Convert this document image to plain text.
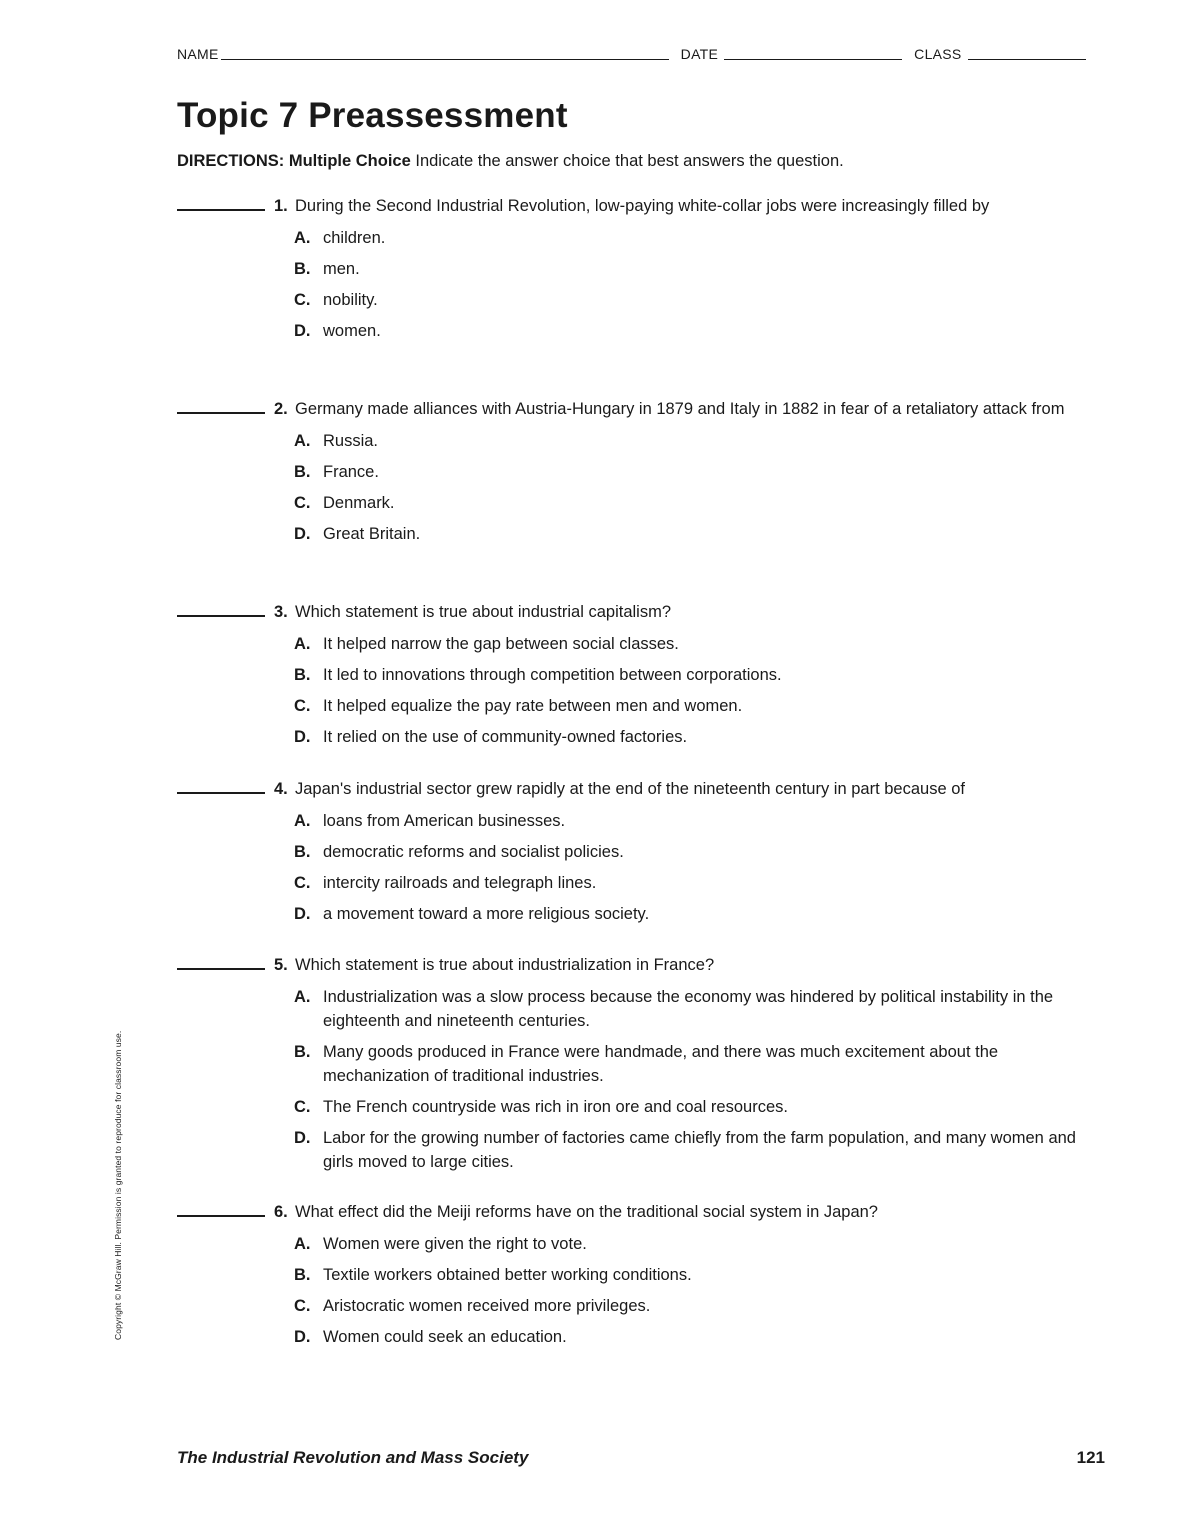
NAME	DATE	CLASS
Topic 7 Preassessment
DIRECTIONS: Multiple Choice Indicate the answer choice that best answers the question.
1. During the Second Industrial Revolution, low-paying white-collar jobs were increasingly filled by
A. children.
B. men.
C. nobility.
D. women.
2. Germany made alliances with Austria-Hungary in 1879 and Italy in 1882 in fear of a retaliatory attack from
A. Russia.
B. France.
C. Denmark.
D. Great Britain.
3. Which statement is true about industrial capitalism?
A. It helped narrow the gap between social classes.
B. It led to innovations through competition between corporations.
C. It helped equalize the pay rate between men and women.
D. It relied on the use of community-owned factories.
4. Japan's industrial sector grew rapidly at the end of the nineteenth century in part because of
A. loans from American businesses.
B. democratic reforms and socialist policies.
C. intercity railroads and telegraph lines.
D. a movement toward a more religious society.
5. Which statement is true about industrialization in France?
A. Industrialization was a slow process because the economy was hindered by political instability in the eighteenth and nineteenth centuries.
B. Many goods produced in France were handmade, and there was much excitement about the mechanization of traditional industries.
C. The French countryside was rich in iron ore and coal resources.
D. Labor for the growing number of factories came chiefly from the farm population, and many women and girls moved to large cities.
6. What effect did the Meiji reforms have on the traditional social system in Japan?
A. Women were given the right to vote.
B. Textile workers obtained better working conditions.
C. Aristocratic women received more privileges.
D. Women could seek an education.
Copyright © McGraw Hill. Permission is granted to reproduce for classroom use.
The Industrial Revolution and Mass Society	121
